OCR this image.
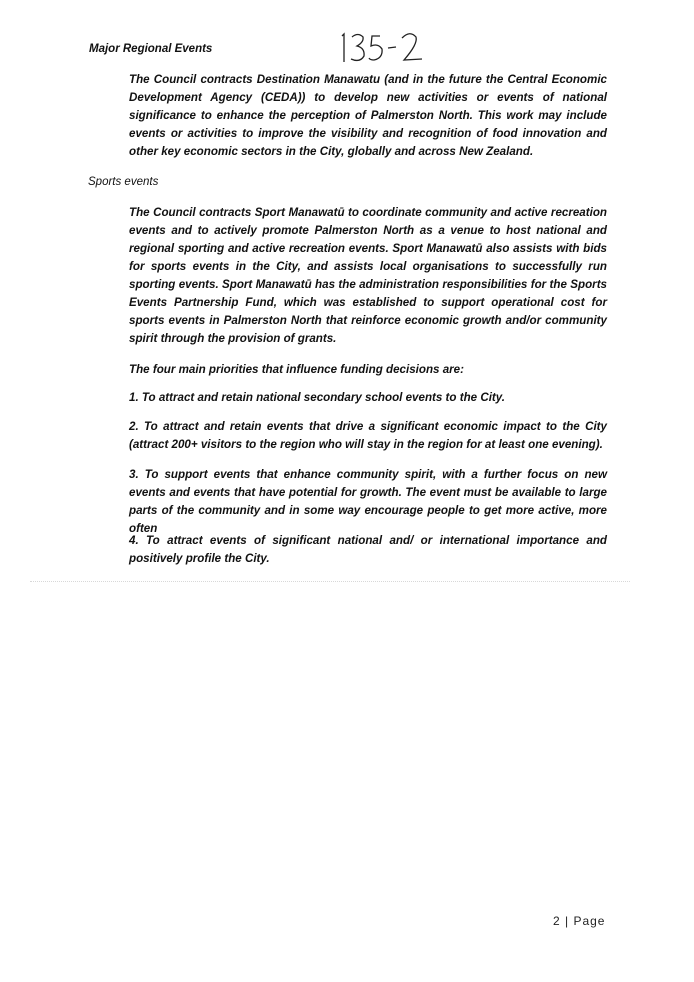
Major Regional Events

The Council contracts Destination Manawatu (and in the future the Central Economic Development Agency (CEDA)) to develop new activities or events of national significance to enhance the perception of Palmerston North. This work may include events or activities to improve the visibility and recognition of food innovation and other key economic sectors in the City, globally and across New Zealand.

Sports events

The Council contracts Sport Manawatū to coordinate community and active recreation events and to actively promote Palmerston North as a venue to host national and regional sporting and active recreation events. Sport Manawatū also assists with bids for sports events in the City, and assists local organisations to successfully run sporting events. Sport Manawatū has the administration responsibilities for the Sports Events Partnership Fund, which was established to support operational cost for sports events in Palmerston North that reinforce economic growth and/or community spirit through the provision of grants.

The four main priorities that influence funding decisions are:

1. To attract and retain national secondary school events to the City.

2. To attract and retain events that drive a significant economic impact to the City (attract 200+ visitors to the region who will stay in the region for at least one evening).

3. To support events that enhance community spirit, with a further focus on new events and events that have potential for growth. The event must be available to large parts of the community and in some way encourage people to get more active, more often

4. To attract events of significant national and/ or international importance and positively profile the City.

2 | Page
